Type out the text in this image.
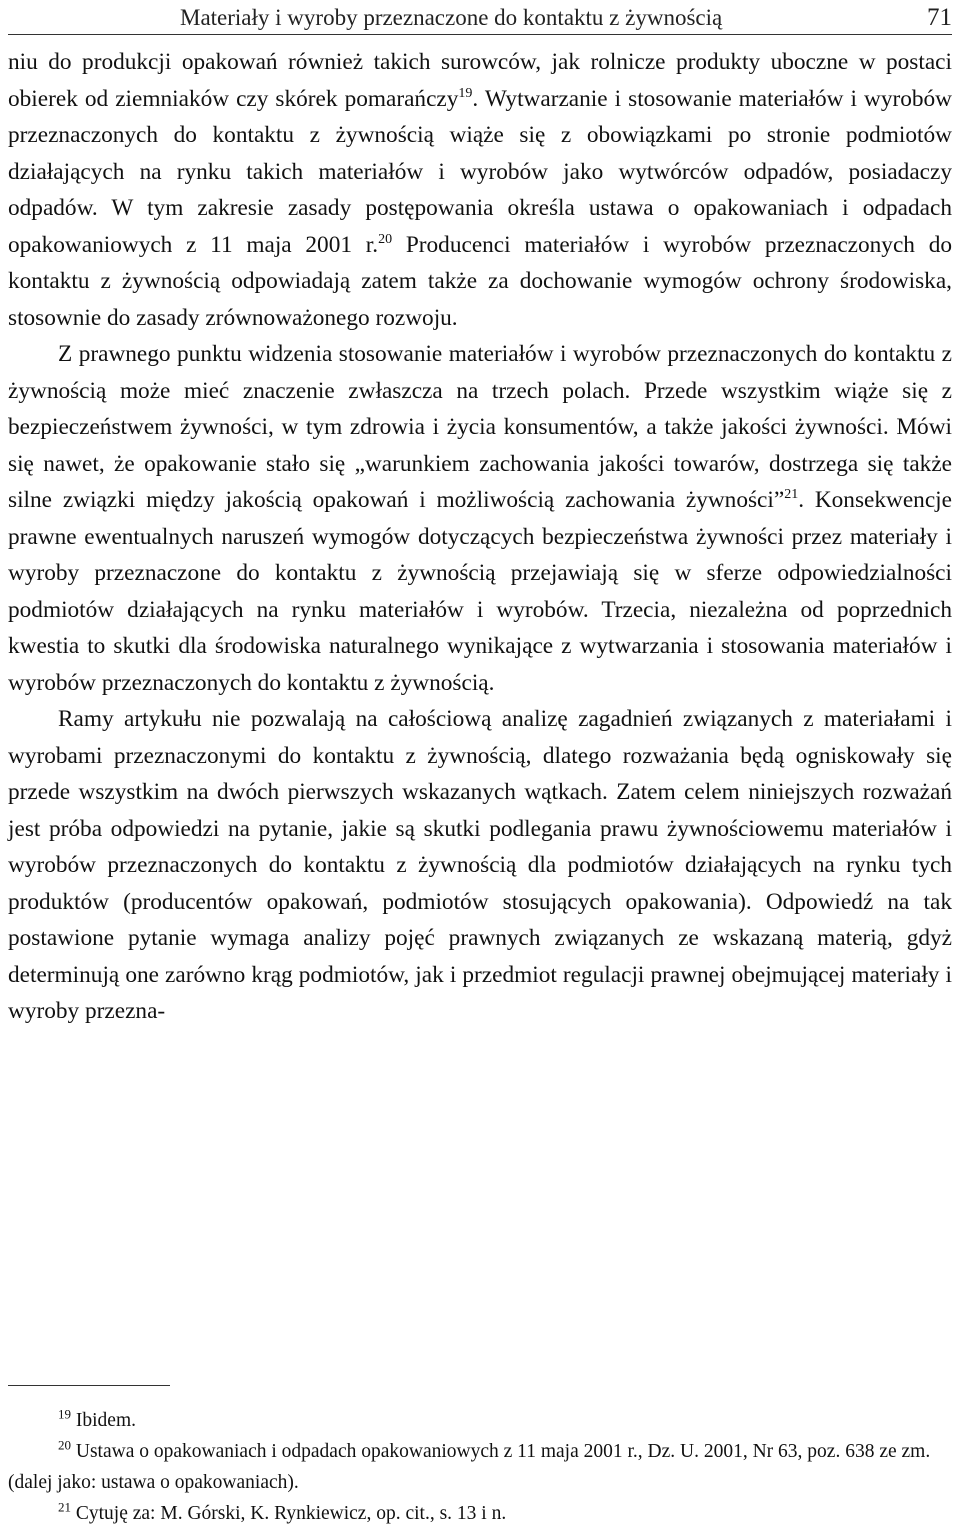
Materiały i wyroby przeznaczone do kontaktu z żywnością	71

niu do produkcji opakowań również takich surowców, jak rolnicze produkty uboczne w postaci obierek od ziemniaków czy skórek pomarańczy$^{19}$. Wytwarzanie i stosowanie materiałów i wyrobów przeznaczonych do kontaktu z żywnością wiąże się z obowiązkami po stronie podmiotów działających na rynku takich materiałów i wyrobów jako wytwórców odpadów, posiadaczy odpadów. W tym zakresie zasady postępowania określa ustawa o opakowaniach i odpadach opakowaniowych z 11 maja 2001 r.$^{20}$ Producenci materiałów i wyrobów przeznaczonych do kontaktu z żywnością odpowiadają zatem także za dochowanie wymogów ochrony środowiska, stosownie do zasady zrównoważonego rozwoju.

Z prawnego punktu widzenia stosowanie materiałów i wyrobów przeznaczonych do kontaktu z żywnością może mieć znaczenie zwłaszcza na trzech polach. Przede wszystkim wiąże się z bezpieczeństwem żywności, w tym zdrowia i życia konsumentów, a także jakości żywności. Mówi się nawet, że opakowanie stało się „warunkiem zachowania jakości towarów, dostrzega się także silne związki między jakością opakowań i możliwością zachowania żywności”$^{21}$. Konsekwencje prawne ewentualnych naruszeń wymogów dotyczących bezpieczeństwa żywności przez materiały i wyroby przeznaczone do kontaktu z żywnością przejawiają się w sferze odpowiedzialności podmiotów działających na rynku materiałów i wyrobów. Trzecia, niezależna od poprzednich kwestia to skutki dla środowiska naturalnego wynikające z wytwarzania i stosowania materiałów i wyrobów przeznaczonych do kontaktu z żywnością.

Ramy artykułu nie pozwalają na całościową analizę zagadnień związanych z materiałami i wyrobami przeznaczonymi do kontaktu z żywnością, dlatego rozważania będą ogniskowały się przede wszystkim na dwóch pierwszych wskazanych wątkach. Zatem celem niniejszych rozważań jest próba odpowiedzi na pytanie, jakie są skutki podlegania prawu żywnościowemu materiałów i wyrobów przeznaczonych do kontaktu z żywnością dla podmiotów działających na rynku tych produktów (producentów opakowań, podmiotów stosujących opakowania). Odpowiedź na tak postawione pytanie wymaga analizy pojęć prawnych związanych ze wskazaną materią, gdyż determinują one zarówno krąg podmiotów, jak i przedmiot regulacji prawnej obejmującej materiały i wyroby przezna-

$^{19}$ Ibidem.

$^{20}$ Ustawa o opakowaniach i odpadach opakowaniowych z 11 maja 2001 r., Dz. U. 2001, Nr 63, poz. 638 ze zm. (dalej jako: ustawa o opakowaniach).

$^{21}$ Cytuję za: M. Górski, K. Rynkiewicz, op. cit., s. 13 i n.
